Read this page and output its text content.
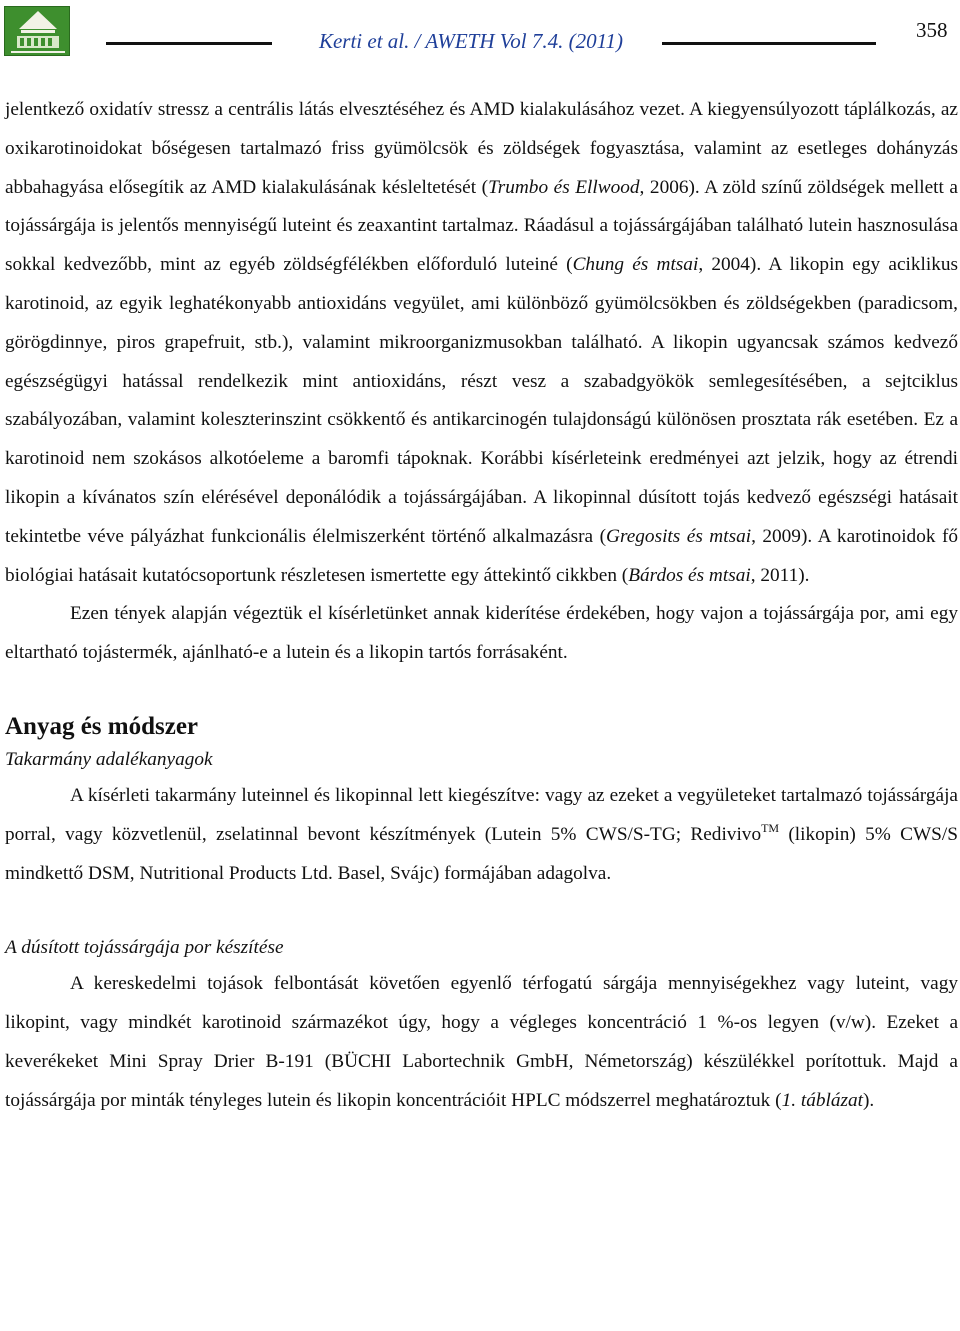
Kerti et al. / AWETH Vol 7.4. (2011)	358

jelentkező oxidatív stressz a centrális látás elvesztéséhez és AMD kialakulásához vezet. A kiegyensúlyozott táplálkozás, az oxikarotinoidokat bőségesen tartalmazó friss gyümölcsök és zöldségek fogyasztása, valamint az esetleges dohányzás abbahagyása elősegítik az AMD kialakulásának késleltetését (Trumbo és Ellwood, 2006). A zöld színű zöldségek mellett a tojássárgája is jelentős mennyiségű luteint és zeaxantint tartalmaz. Ráadásul a tojássárgájában található lutein hasznosulása sokkal kedvezőbb, mint az egyéb zöldségfélékben előforduló luteiné (Chung és mtsai, 2004). A likopin egy aciklikus karotinoid, az egyik leghatékonyabb antioxidáns vegyület, ami különböző gyümölcsökben és zöldségekben (paradicsom, görögdinnye, piros grapefruit, stb.), valamint mikroorganizmusokban található. A likopin ugyancsak számos kedvező egészségügyi hatással rendelkezik mint antioxidáns, részt vesz a szabadgyökök semlegesítésében, a sejtciklus szabályozában, valamint koleszterinszint csökkentő és antikarcinogén tulajdonságú különösen prosztata rák esetében. Ez a karotinoid nem szokásos alkotóeleme a baromfi tápoknak. Korábbi kísérleteink eredményei azt jelzik, hogy az étrendi likopin a kívánatos szín elérésével deponálódik a tojássárgájában. A likopinnal dúsított tojás kedvező egészségi hatásait tekintetbe véve pályázhat funkcionális élelmiszerként történő alkalmazásra (Gregosits és mtsai, 2009). A karotinoidok fő biológiai hatásait kutatócsoportunk részletesen ismertette egy áttekintő cikkben (Bárdos és mtsai, 2011).

Ezen tények alapján végeztük el kísérletünket annak kiderítése érdekében, hogy vajon a tojássárgája por, ami egy eltartható tojástermék, ajánlható-e a lutein és a likopin tartós forrásaként.

Anyag és módszer
Takarmány adalékanyagok

A kísérleti takarmány luteinnel és likopinnal lett kiegészítve: vagy az ezeket a vegyületeket tartalmazó tojássárgája porral, vagy közvetlenül, zselatinnal bevont készítmények (Lutein 5% CWS/S-TG; Redivivo™ (likopin) 5% CWS/S mindkettő DSM, Nutritional Products Ltd. Basel, Svájc) formájában adagolva.

A dúsított tojássárgája por készítése

A kereskedelmi tojások felbontását követően egyenlő térfogatú sárgája mennyiségekhez vagy luteint, vagy likopint, vagy mindkét karotinoid származékot úgy, hogy a végleges koncentráció 1 %-os legyen (v/w). Ezeket a keverékeket Mini Spray Drier B-191 (BÜCHI Labortechnik GmbH, Németország) készülékkel porítottuk. Majd a tojássárgája por minták tényleges lutein és likopin koncentrációit HPLC módszerrel meghatároztuk (1. táblázat).
